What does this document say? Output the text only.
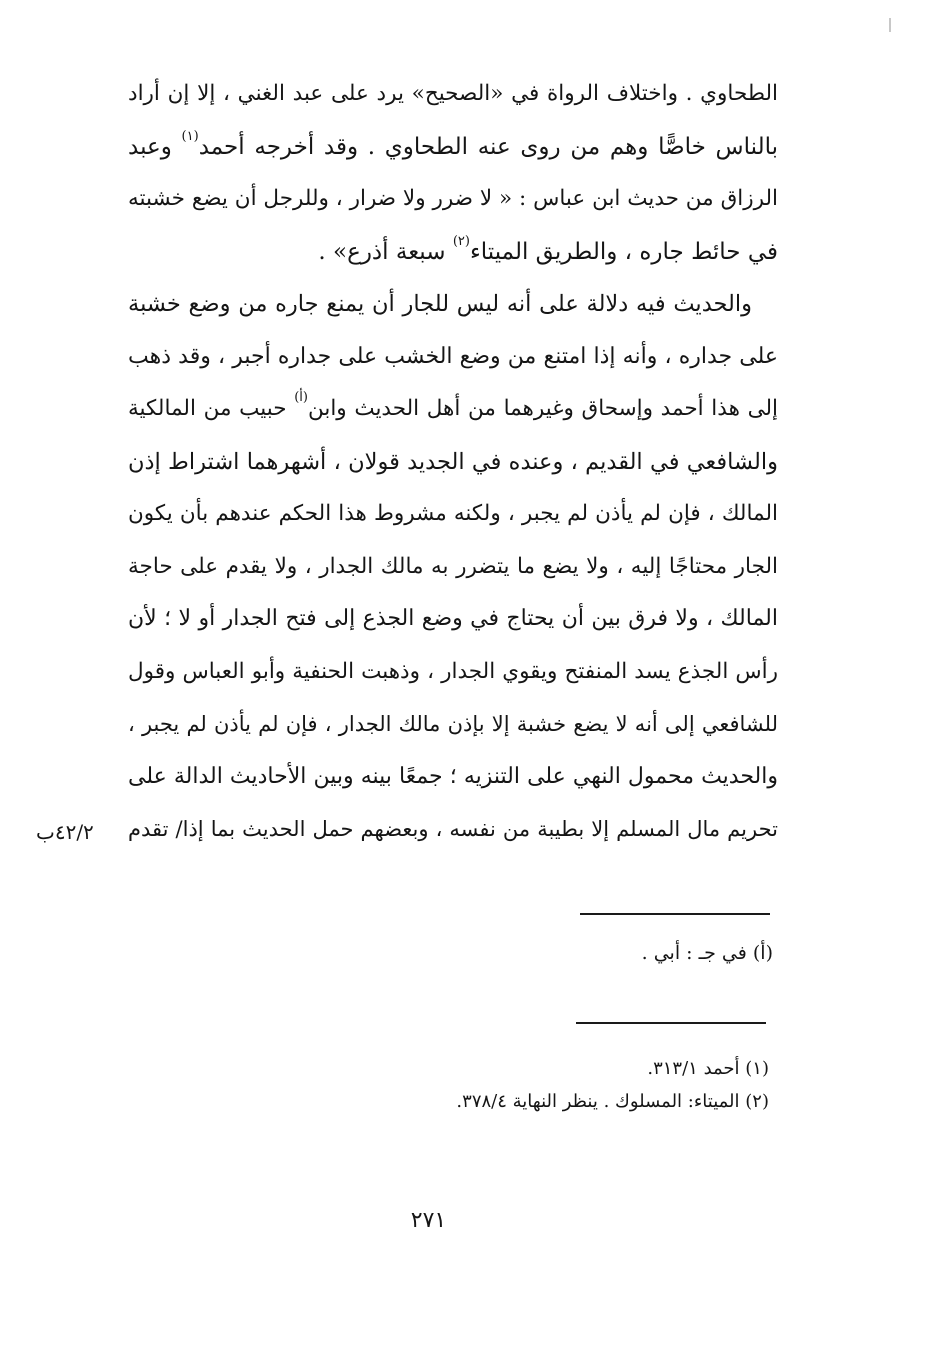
الطحاوي . واختلاف الرواة في «الصحيح» يرد على عبد الغني ، إلا إن أراد
بالناس خاصًّا وهم من روى عنه الطحاوي . وقد أخرجه أحمد$^{(١)}$ وعبد
الرزاق من حديث ابن عباس : « لا ضرر ولا ضرار ، وللرجل أن يضع خشبته
في حائط جاره ، والطريق الميتاء$^{(٢)}$ سبعة أذرع» .
والحديث فيه دلالة على أنه ليس للجار أن يمنع جاره من وضع خشبة
على جداره ، وأنه إذا امتنع من وضع الخشب على جداره أجبر ، وقد ذهب
إلى هذا أحمد وإسحاق وغيرهما من أهل الحديث وابن$^{(أ)}$ حبيب من المالكية
والشافعي في القديم ، وعنده في الجديد قولان ، أشهرهما اشتراط إذن
المالك ، فإن لم يأذن لم يجبر ، ولكنه مشروط هذا الحكم عندهم بأن يكون
الجار محتاجًا إليه ، ولا يضع ما يتضرر به مالك الجدار ، ولا يقدم على حاجة
المالك ، ولا فرق بين أن يحتاج في وضع الجذع إلى فتح الجدار أو لا ؛ لأن
رأس الجذع يسد المنفتح ويقوي الجدار ، وذهبت الحنفية وأبو العباس وقول
للشافعي إلى أنه لا يضع خشبة إلا بإذن مالك الجدار ، فإن لم يأذن لم يجبر ،
والحديث محمول النهي على التنزيه ؛ جمعًا بينه وبين الأحاديث الدالة على
تحريم مال المسلم إلا بطيبة من نفسه ، وبعضهم حمل الحديث بما إذا/ تقدم
٤٢/٢ب
(أ) في جـ : أبي .
(١) أحمد ٣١٣/١.
(٢) الميتاء: المسلوك . ينظر النهاية ٣٧٨/٤.
٢٧١
